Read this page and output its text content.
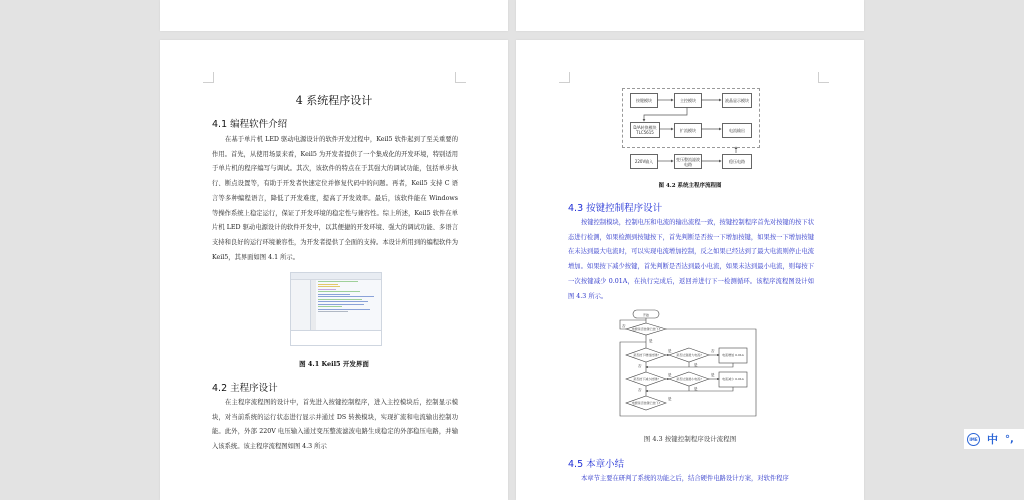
4 系统程序设计
4.1 编程软件介绍
在基于单片机 LED 驱动电源设计的软件开发过程中，Keil5 软件起到了至关重要的作用。首先，从使用场景来看，Keil5 为开发者提供了一个集成化的开发环境，特别适用于单片机的程序编写与调试。其次，该软件的特点在于其强大的调试功能，包括单步执行、断点设置等，有助于开发者快速定位并修复代码中的问题。再者，Keil5 支持 C 语言等多种编程语言，降低了开发难度，提高了开发效率。最后，该软件能在 Windows 等操作系统上稳定运行，保证了开发环境的稳定性与兼容性。综上所述，Keil5 软件在单片机 LED 驱动电源设计的软件开发中，以其便捷的开发环境、强大的调试功能、多语言支持和良好的运行环境兼容性，为开发者提供了全面的支持。本设计所用到的编程软件为 Keil5，其界面如图 4.1 所示。
图 4.1 Keil5 开发界面
4.2 主程序设计
在主程序流程图的设计中，首先进入按键控制程序，进入主控模块后，控制显示模块，对当前系统的运行状态进行显示并通过 DS 转换模块，实现扩流和电流输出控制功能。此外，外部 220V 电压输入通过变压整流滤波电路生成稳定的外部稳压电路，并输入该系统。该主程序流程图如图 4.3 所示
按键模块	主控模块	液晶显示模块
D/A转换模块 TLC5615	扩流模块	电流输出
220V输入	变压整流滤波电路	稳压电路
图 4.2 系统主程序流程图
4.3 按键控制程序设计
按键控制模块，控制电压和电流的输出流程一致，按键控制程序首先对按键的按下状态进行检测，如果检测到按键按下，首先判断是否按一下增加按键，如果按一下增加按键在未达到最大电流时，可以实现电流增加控制，反之如果已经达到了最大电流则停止电流增加。如果按下减少按键，首先判断是否达到最小电流，如果未达到最小电流，则每按下一次按键减少 0.01A，在执行完成后，返回并进行下一检测循环。该程序流程图设计如图 4.3 所示。
开始
电源是否按键已按下?
是否按下增加按键?	是否达到最大电流?	电流增加 0.01A
是否按下减少按键?	是否达到最小电流?	电流减少 0.01A
电源是否按键已按下?
否
是
是	否
是
否
是	是
是
否
是
图 4.3 按键控制程序设计流程图
4.5 本章小结
本章节主要在研判了系统的功能之后，结合硬件电路设计方案，对软件程序
IME 中 °,
